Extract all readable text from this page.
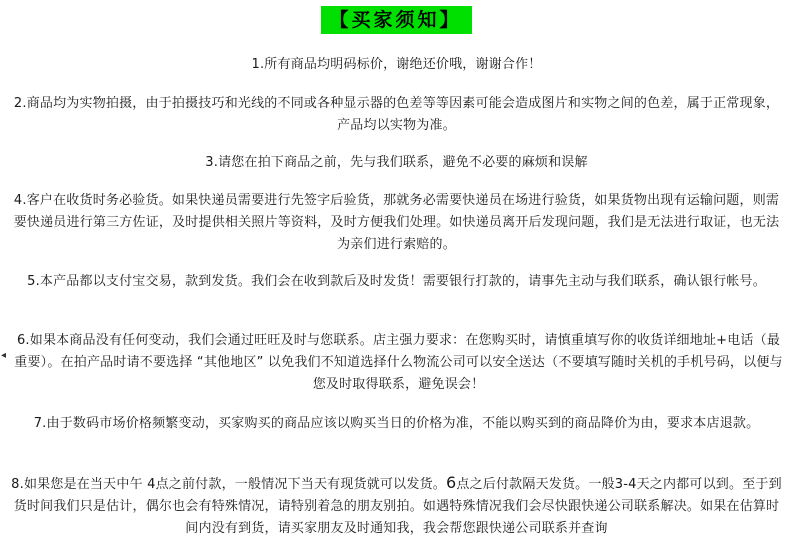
【买家须知】

1.所有商品均明码标价，谢绝还价哦，谢谢合作！

2.商品均为实物拍摄，由于拍摄技巧和光线的不同或各种显示器的色差等等因素可能会造成图片和实物之间的色差，属于正常现象，产品均以实物为准。

3.请您在拍下商品之前，先与我们联系，避免不必要的麻烦和误解

4.客户在收货时务必验货。如果快递员需要进行先签字后验货，那就务必需要快递员在场进行验货，如果货物出现有运输问题，则需要快递员进行第三方佐证，及时提供相关照片等资料，及时方便我们处理。如快递员离开后发现问题，我们是无法进行取证，也无法为亲们进行索赔的。

5.本产品都以支付宝交易，款到发货。我们会在收到款后及时发货！需要银行打款的，请事先主动与我们联系，确认银行帐号。

6.如果本商品没有任何变动，我们会通过旺旺及时与您联系。店主强力要求：在您购买时，请慎重填写你的收货详细地址+电话（最重要）。在拍产品时请不要选择 “其他地区” 以免我们不知道选择什么物流公司可以安全送达（不要填写随时关机的手机号码，以便与您及时取得联系，避免误会！

7.由于数码市场价格频繁变动，买家购买的商品应该以购买当日的价格为准，不能以购买到的商品降价为由，要求本店退款。

8.如果您是在当天中午 4点之前付款，一般情况下当天有现货就可以发货。6点之后付款隔天发货。一般3-4天之内都可以到。至于到货时间我们只是估计，偶尔也会有特殊情况，请特别着急的朋友别拍。如遇特殊情况我们会尽快跟快递公司联系解决。如果在估算时间内没有到货，请买家朋友及时通知我，我会帮您跟快递公司联系并查询

◂
